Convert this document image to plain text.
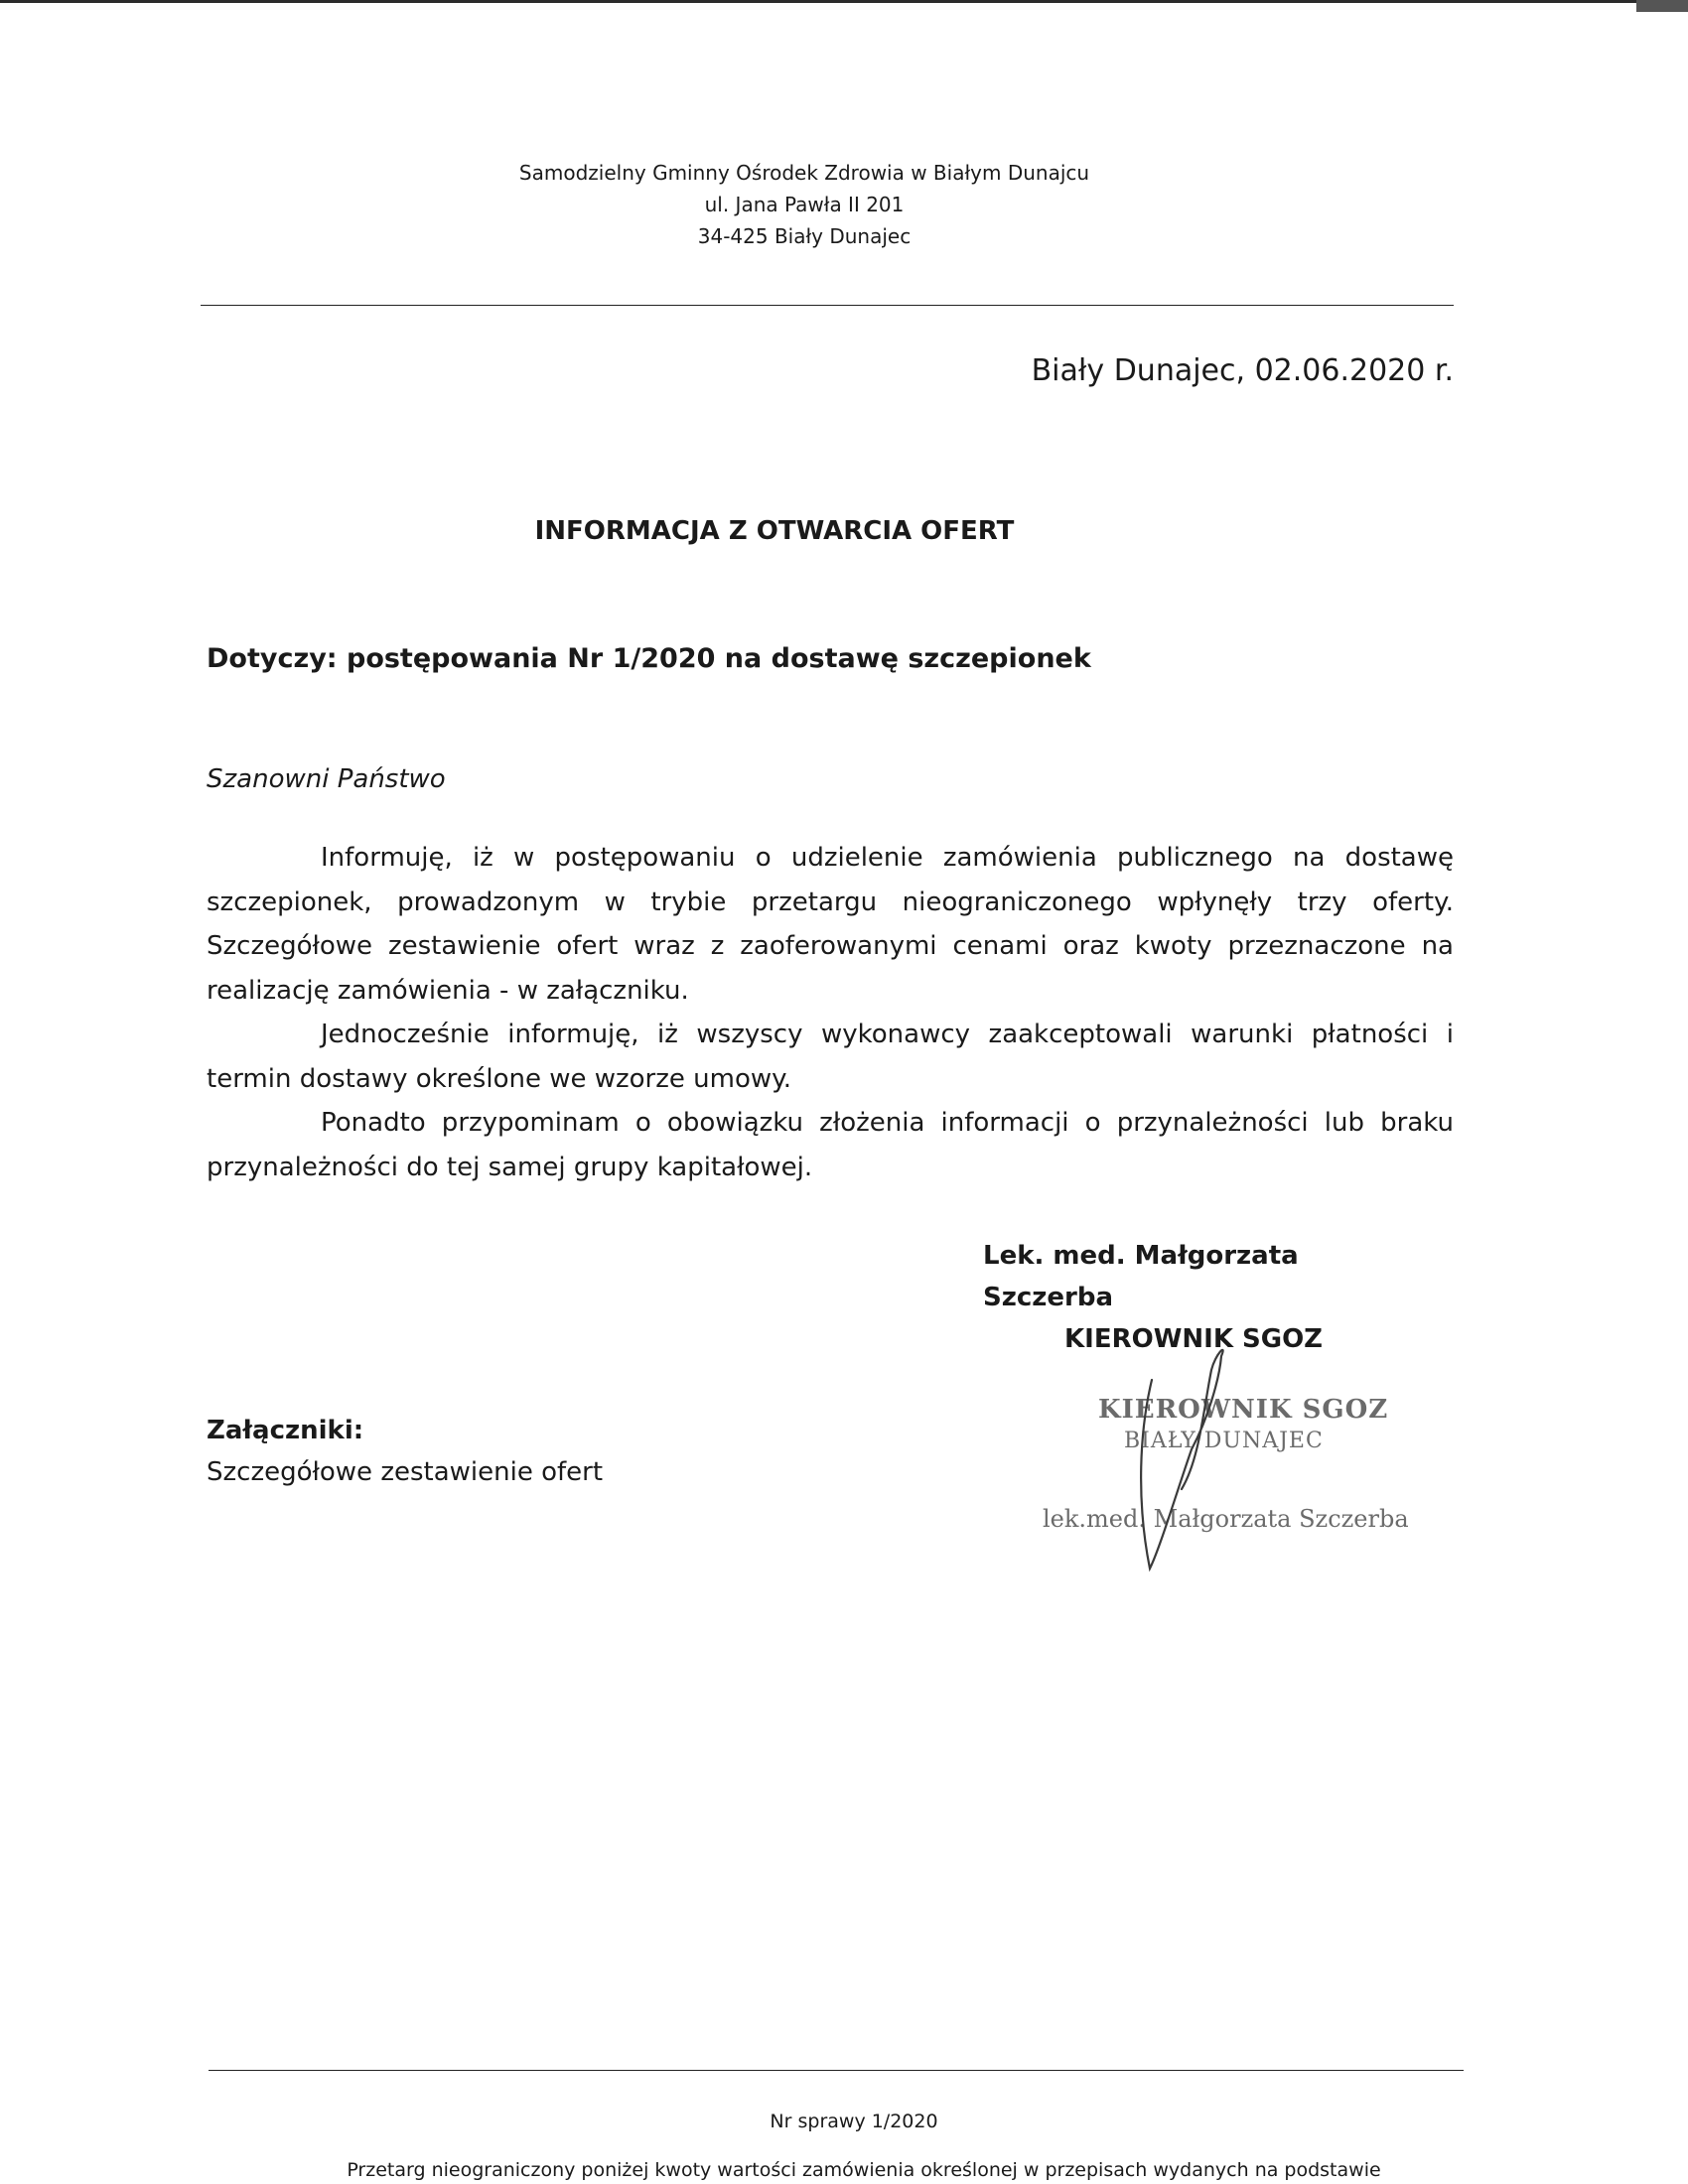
Samodzielny Gminny Ośrodek Zdrowia w Białym Dunajcu
ul. Jana Pawła II 201
34-425 Biały Dunajec
Biały Dunajec, 02.06.2020 r.
INFORMACJA Z OTWARCIA OFERT
Dotyczy: postępowania Nr 1/2020 na dostawę szczepionek
Szanowni Państwo

Informuję, iż w postępowaniu o udzielenie zamówienia publicznego na dostawę szczepionek, prowadzonym w trybie przetargu nieograniczonego wpłynęły trzy oferty. Szczegółowe zestawienie ofert wraz z zaoferowanymi cenami oraz kwoty przeznaczone na realizację zamówienia - w załączniku.

Jednocześnie informuję, iż wszyscy wykonawcy zaakceptowali warunki płatności i termin dostawy określone we wzorze umowy.

Ponadto przypominam o obowiązku złożenia informacji o przynależności lub braku przynależności do tej samej grupy kapitałowej.

Lek. med. Małgorzata Szczerba
KIEROWNIK SGOZ
Załączniki:
Szczegółowe zestawienie ofert
KIEROWNIK SGOZ
BIAŁY DUNAJEC
lek.med. Małgorzata Szczerba
Nr sprawy 1/2020
Przetarg nieograniczony poniżej kwoty wartości zamówienia określonej w przepisach wydanych na podstawie
